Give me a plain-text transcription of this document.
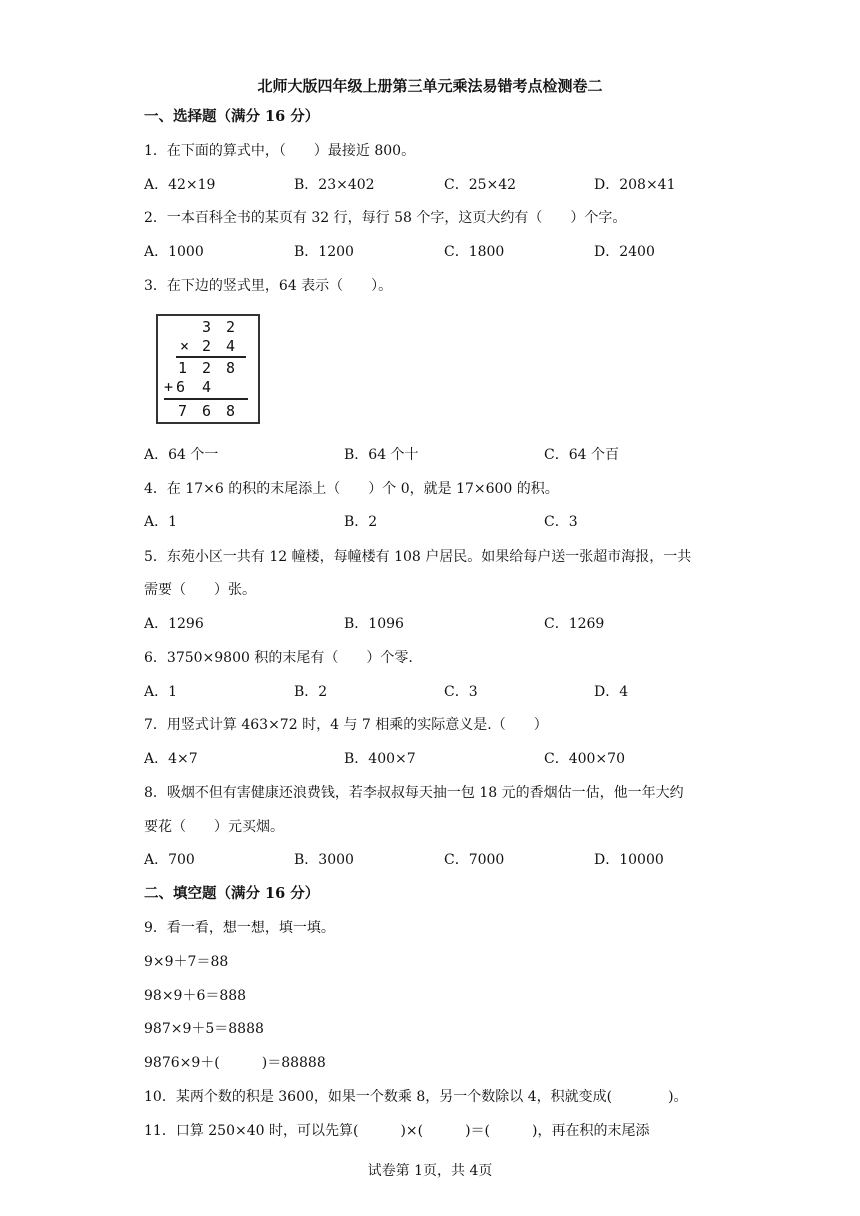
北师大版四年级上册第三单元乘法易错考点检测卷二
一、选择题（满分 16 分）
1．在下面的算式中，（　　）最接近 800。
A．42×19	B．23×402	C．25×42	D．208×41
2．一本百科全书的某页有 32 行，每行 58 个字，这页大约有（　　）个字。
A．1000	B．1200	C．1800	D．2400
3．在下边的竖式里，64 表示（　　）。
3 2
× 2 4
1 2 8
+ 6 4
7 6 8
A．64 个一	B．64 个十	C．64 个百
4．在 17×6 的积的末尾添上（　　）个 0，就是 17×600 的积。
A．1	B．2	C．3
5．东苑小区一共有 12 幢楼，每幢楼有 108 户居民。如果给每户送一张超市海报，一共
需要（　　）张。
A．1296	B．1096	C．1269
6．3750×9800 积的末尾有（　　）个零.
A．1	B．2	C．3	D．4
7．用竖式计算 463×72 时，4 与 7 相乘的实际意义是.（　　）
A．4×7	B．400×7	C．400×70
8．吸烟不但有害健康还浪费钱，若李叔叔每天抽一包 18 元的香烟估一估，他一年大约
要花（　　）元买烟。
A．700	B．3000	C．7000	D．10000
二、填空题（满分 16 分）
9．看一看，想一想，填一填。
9×9＋7＝88
98×9＋6＝888
987×9＋5＝8888
9876×9＋(　　　)＝88888
10．某两个数的积是 3600，如果一个数乘 8，另一个数除以 4，积就变成(　　　　)。
11．口算 250×40 时，可以先算(　　　)×(　　　)＝(　　　)，再在积的末尾添
试卷第 1页，共 4页
